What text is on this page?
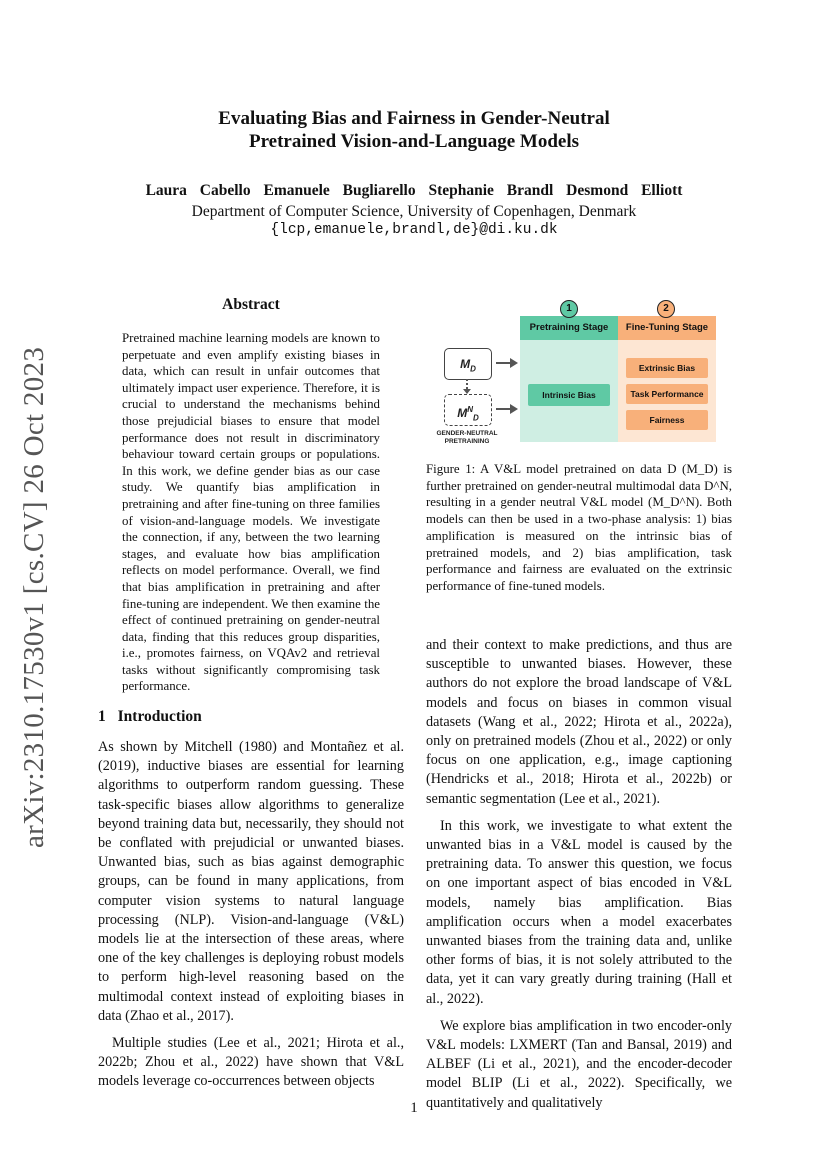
arXiv:2310.17530v1 [cs.CV] 26 Oct 2023
Evaluating Bias and Fairness in Gender-Neutral
Pretrained Vision-and-Language Models
Laura Cabello Emanuele Bugliarello Stephanie Brandl Desmond Elliott
Department of Computer Science, University of Copenhagen, Denmark
{lcp,emanuele,brandl,de}@di.ku.dk
Abstract
Pretrained machine learning models are known to perpetuate and even amplify existing biases in data, which can result in unfair outcomes that ultimately impact user experience. Therefore, it is crucial to understand the mechanisms behind those prejudicial biases to ensure that model performance does not result in discriminatory behaviour toward certain groups or populations. In this work, we define gender bias as our case study. We quantify bias amplification in pretraining and after fine-tuning on three families of vision-and-language models. We investigate the connection, if any, between the two learning stages, and evaluate how bias amplification reflects on model performance. Overall, we find that bias amplification in pretraining and after fine-tuning are independent. We then examine the effect of continued pretraining on gender-neutral data, finding that this reduces group disparities, i.e., promotes fairness, on VQAv2 and retrieval tasks without significantly compromising task performance.
Pretraining Stage	Fine-Tuning Stage
1	2
Intrinsic Bias
Extrinsic Bias
Task Performance
Fairness
$M_D$
$M^N_D$
GENDER-NEUTRAL
PRETRAINING
Figure 1: A V&L model pretrained on data D (M_D) is further pretrained on gender-neutral multimodal data D^N, resulting in a gender neutral V&L model (M_D^N). Both models can then be used in a two-phase analysis: 1) bias amplification is measured on the intrinsic bias of pretrained models, and 2) bias amplification, task performance and fairness are evaluated on the extrinsic performance of fine-tuned models.
1 Introduction

As shown by Mitchell (1980) and Montañez et al. (2019), inductive biases are essential for learning algorithms to outperform random guessing. These task-specific biases allow algorithms to generalize beyond training data but, necessarily, they should not be conflated with prejudicial or unwanted biases. Unwanted bias, such as bias against demographic groups, can be found in many applications, from computer vision systems to natural language processing (NLP). Vision-and-language (V&L) models lie at the intersection of these areas, where one of the key challenges is deploying robust models to perform high-level reasoning based on the multimodal context instead of exploiting biases in data (Zhao et al., 2017).

Multiple studies (Lee et al., 2021; Hirota et al., 2022b; Zhou et al., 2022) have shown that V&L models leverage co-occurrences between objects

and their context to make predictions, and thus are susceptible to unwanted biases. However, these authors do not explore the broad landscape of V&L models and focus on biases in common visual datasets (Wang et al., 2022; Hirota et al., 2022a), only on pretrained models (Zhou et al., 2022) or only focus on one application, e.g., image captioning (Hendricks et al., 2018; Hirota et al., 2022b) or semantic segmentation (Lee et al., 2021).

In this work, we investigate to what extent the unwanted bias in a V&L model is caused by the pretraining data. To answer this question, we focus on one important aspect of bias encoded in V&L models, namely bias amplification. Bias amplification occurs when a model exacerbates unwanted biases from the training data and, unlike other forms of bias, it is not solely attributed to the data, yet it can vary greatly during training (Hall et al., 2022).

We explore bias amplification in two encoder-only V&L models: LXMERT (Tan and Bansal, 2019) and ALBEF (Li et al., 2021), and the encoder-decoder model BLIP (Li et al., 2022). Specifically, we quantitatively and qualitatively

1
